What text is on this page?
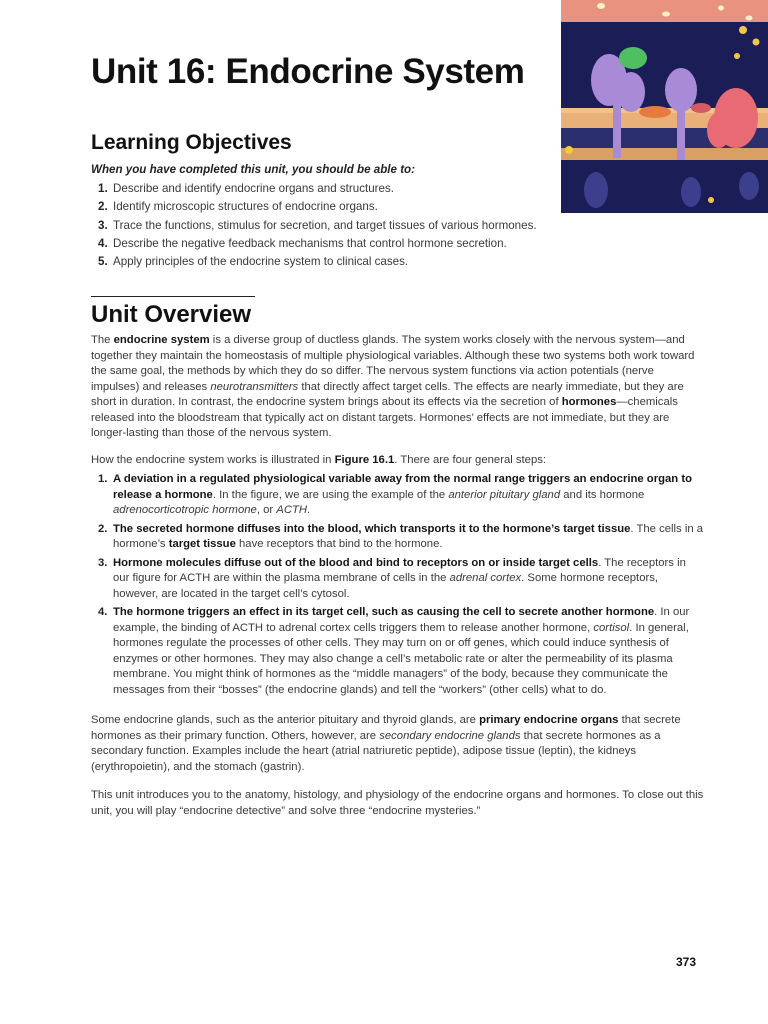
Unit 16: Endocrine System
Learning Objectives
When you have completed this unit, you should be able to:
1. Describe and identify endocrine organs and structures.
2. Identify microscopic structures of endocrine organs.
3. Trace the functions, stimulus for secretion, and target tissues of various hormones.
4. Describe the negative feedback mechanisms that control hormone secretion.
5. Apply principles of the endocrine system to clinical cases.
Unit Overview

The endocrine system is a diverse group of ductless glands. The system works closely with the nervous system—and together they maintain the homeostasis of multiple physiological variables. Although these two systems both work toward the same goal, the methods by which they do so differ. The nervous system functions via action potentials (nerve impulses) and releases neurotransmitters that directly affect target cells. The effects are nearly immediate, but they are short in duration. In contrast, the endocrine system brings about its effects via the secretion of hormones—chemicals released into the bloodstream that typically act on distant targets. Hormones’ effects are not immediate, but they are longer-lasting than those of the nervous system.

How the endocrine system works is illustrated in Figure 16.1. There are four general steps:

1. A deviation in a regulated physiological variable away from the normal range triggers an endocrine organ to release a hormone. In the figure, we are using the example of the anterior pituitary gland and its hormone adrenocorticotropic hormone, or ACTH.
2. The secreted hormone diffuses into the blood, which transports it to the hormone’s target tissue. The cells in a hormone’s target tissue have receptors that bind to the hormone.
3. Hormone molecules diffuse out of the blood and bind to receptors on or inside target cells. The receptors in our figure for ACTH are within the plasma membrane of cells in the adrenal cortex. Some hormone receptors, however, are located in the target cell’s cytosol.
4. The hormone triggers an effect in its target cell, such as causing the cell to secrete another hormone. In our example, the binding of ACTH to adrenal cortex cells triggers them to release another hormone, cortisol. In general, hormones regulate the processes of other cells. They may turn on or off genes, which could induce synthesis of enzymes or other hormones. They may also change a cell’s metabolic rate or alter the permeability of its plasma membrane. You might think of hormones as the “middle managers” of the body, because they communicate the messages from their “bosses” (the endocrine glands) and tell the “workers” (other cells) what to do.

Some endocrine glands, such as the anterior pituitary and thyroid glands, are primary endocrine organs that secrete hormones as their primary function. Others, however, are secondary endocrine glands that secrete hormones as a secondary function. Examples include the heart (atrial natriuretic peptide), adipose tissue (leptin), the kidneys (erythropoietin), and the stomach (gastrin).

This unit introduces you to the anatomy, histology, and physiology of the endocrine organs and hormones. To close out this unit, you will play “endocrine detective” and solve three “endocrine mysteries.”

373
